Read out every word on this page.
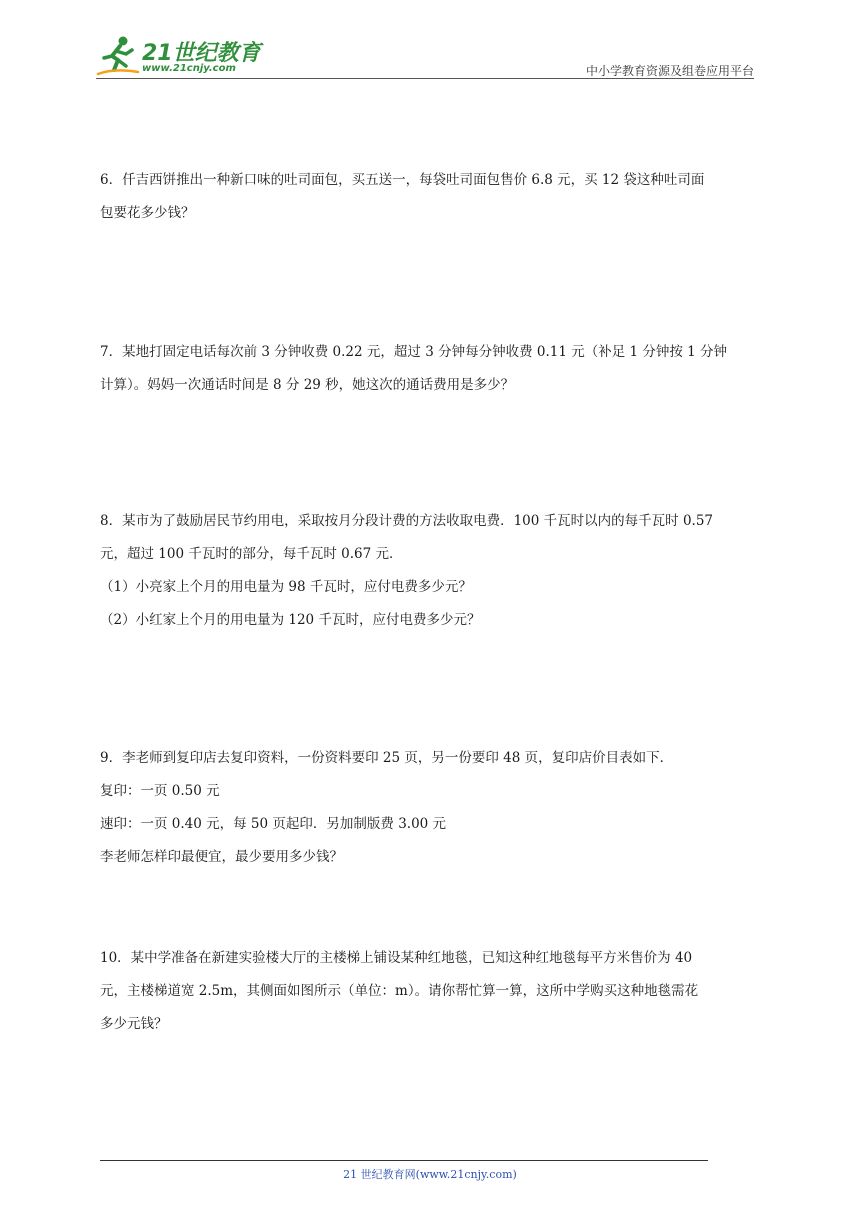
21世纪教育
www.21cnjy.com	中小学教育资源及组卷应用平台

6．仟吉西饼推出一种新口味的吐司面包，买五送一，每袋吐司面包售价 6.8 元，买 12 袋这种吐司面

包要花多少钱？

7．某地打固定电话每次前 3 分钟收费 0.22 元，超过 3 分钟每分钟收费 0.11 元（补足 1 分钟按 1 分钟

计算）。妈妈一次通话时间是 8 分 29 秒，她这次的通话费用是多少？

8．某市为了鼓励居民节约用电，采取按月分段计费的方法收取电费．100 千瓦时以内的每千瓦时 0.57

元，超过 100 千瓦时的部分，每千瓦时 0.67 元．

（1）小亮家上个月的用电量为 98 千瓦时，应付电费多少元？

（2）小红家上个月的用电量为 120 千瓦时，应付电费多少元？

9．李老师到复印店去复印资料，一份资料要印 25 页，另一份要印 48 页，复印店价目表如下．

复印：一页 0.50 元

速印：一页 0.40 元，每 50 页起印．另加制版费 3.00 元

李老师怎样印最便宜，最少要用多少钱？

10．某中学准备在新建实验楼大厅的主楼梯上铺设某种红地毯，已知这种红地毯每平方米售价为 40

元，主楼梯道宽 2.5m，其侧面如图所示（单位：m）。请你帮忙算一算，这所中学购买这种地毯需花

多少元钱？

21 世纪教育网(www.21cnjy.com)
